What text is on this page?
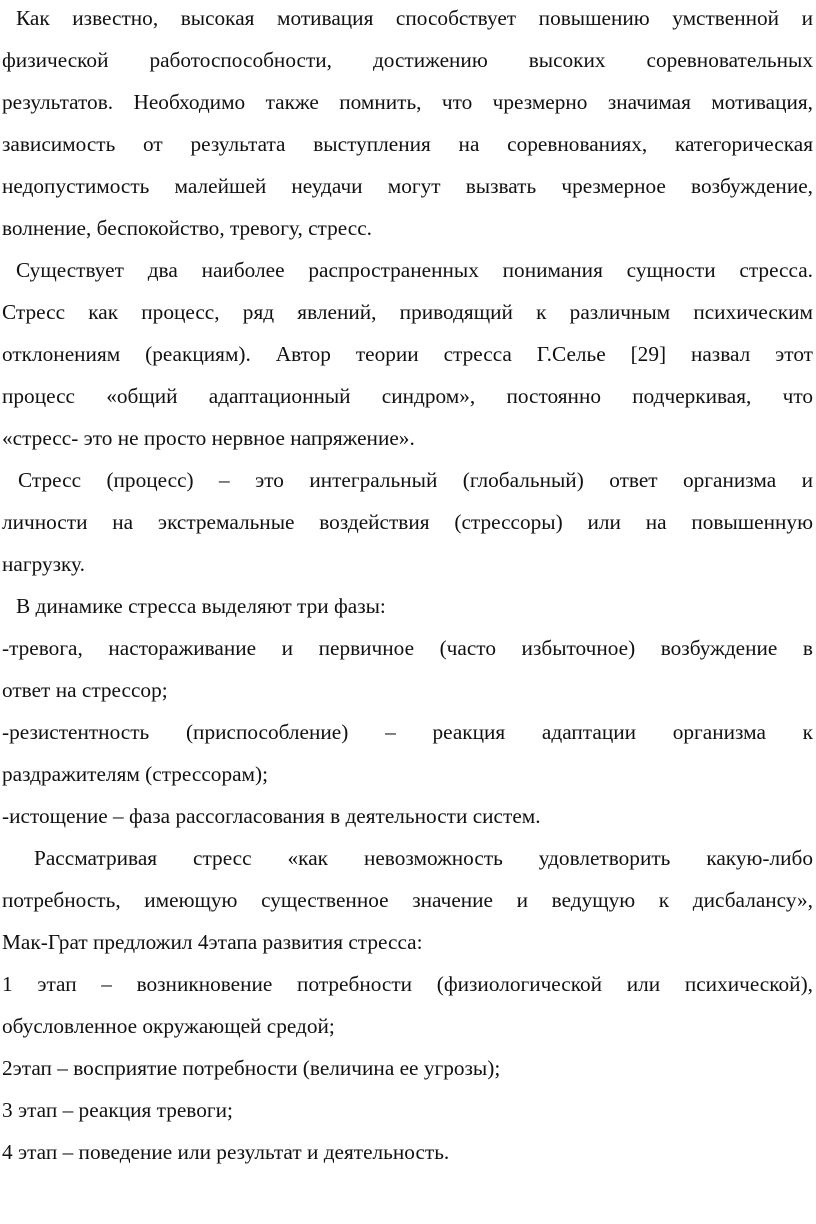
Как известно, высокая мотивация способствует повышению умственной и

физической работоспособности, достижению высоких соревновательных

результатов. Необходимо также помнить, что чрезмерно значимая мотивация,

зависимость от результата выступления на соревнованиях, категорическая

недопустимость малейшей неудачи могут вызвать чрезмерное возбуждение,

волнение, беспокойство, тревогу, стресс.

Существует два наиболее распространенных понимания сущности стресса.

Стресс как процесс, ряд явлений, приводящий к различным психическим

отклонениям (реакциям). Автор теории стресса Г.Селье [29] назвал этот

процесс «общий адаптационный синдром», постоянно подчеркивая, что

«стресс- это не просто нервное напряжение».

Стресс (процесс) – это интегральный (глобальный) ответ организма и

личности на экстремальные воздействия (стрессоры) или на повышенную

нагрузку.

В динамике стресса выделяют три фазы:

-тревога, настораживание и первичное (часто избыточное) возбуждение в

ответ на стрессор;

-резистентность (приспособление) – реакция адаптации организма к

раздражителям (стрессорам);

-истощение – фаза рассогласования в деятельности систем.

Рассматривая стресс «как невозможность удовлетворить какую-либо

потребность, имеющую существенное значение и ведущую к дисбалансу»,

Мак-Грат предложил 4этапа развития стресса:

1 этап – возникновение потребности (физиологической или психической),

обусловленное окружающей средой;

2этап – восприятие потребности (величина ее угрозы);

3 этап – реакция тревоги;

4 этап – поведение или результат и деятельность.
